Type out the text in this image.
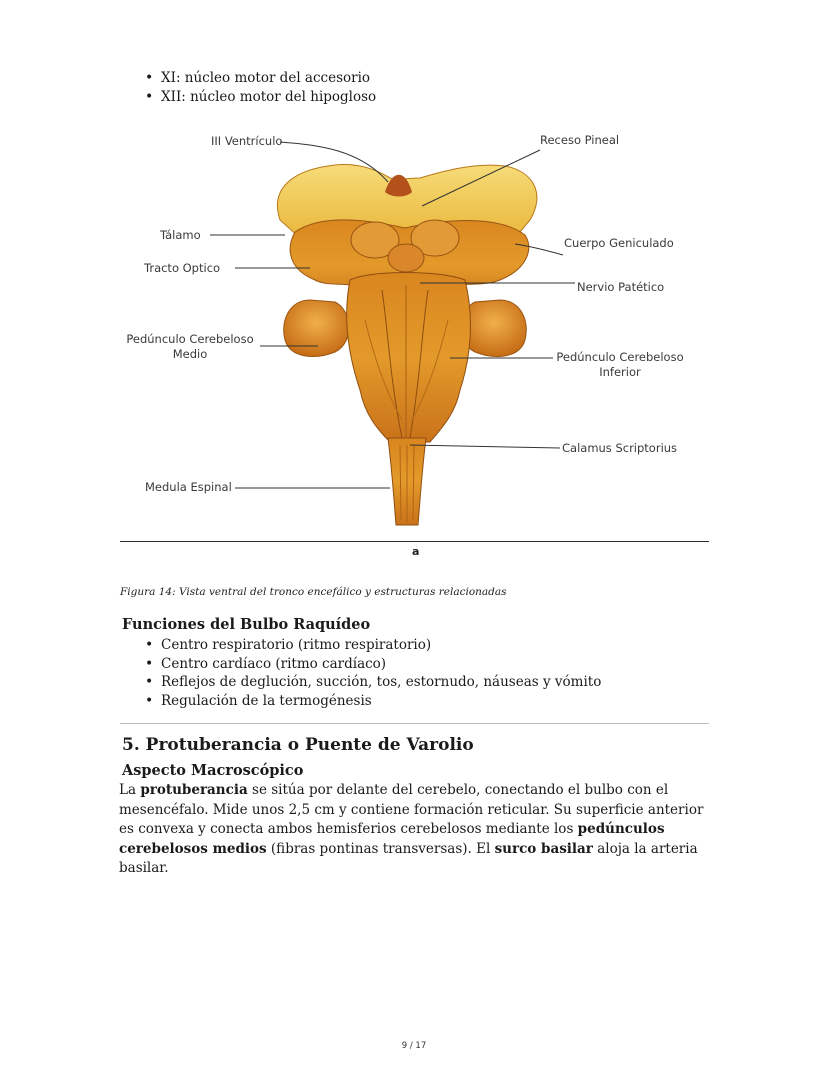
• XI: núcleo motor del accesorio
• XII: núcleo motor del hipogloso
III Ventrículo	Receso Pineal
Tálamo
Cuerpo Geniculado
Tracto Optico
Nervio Patético
Pedúnculo Cerebeloso
Medio	Pedúnculo Cerebeloso
Inferior
Calamus Scriptorius
Medula Espinal
a
Figura 14: Vista ventral del tronco encefálico y estructuras relacionadas
Funciones del Bulbo Raquídeo
• Centro respiratorio (ritmo respiratorio)
• Centro cardíaco (ritmo cardíaco)
• Reflejos de deglución, succión, tos, estornudo, náuseas y vómito
• Regulación de la termogénesis
5. Protuberancia o Puente de Varolio
Aspecto Macroscópico
La protuberancia se sitúa por delante del cerebelo, conectando el bulbo con el mesencéfalo. Mide unos 2,5 cm y contiene formación reticular. Su superficie anterior es convexa y conecta ambos hemisferios cerebelosos mediante los pedúnculos cerebelosos medios (fibras pontinas transversas). El surco basilar aloja la arteria basilar.
9 / 17
